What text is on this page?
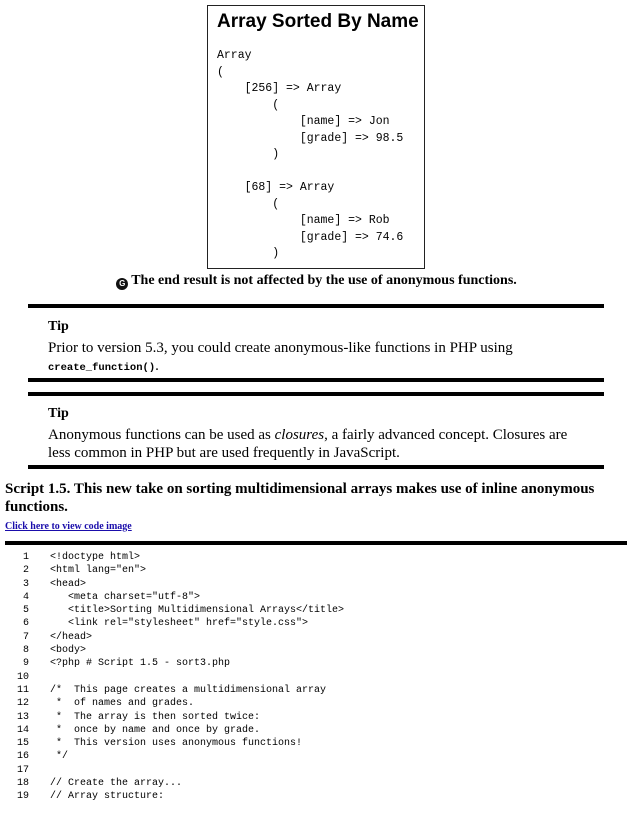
Array Sorted By Name
Array
(
[256] => Array
(
[name] => Jon
[grade] => 98.5
)
[68] => Array
(
[name] => Rob
[grade] => 74.6
)
G The end result is not affected by the use of anonymous functions.
Tip
Prior to version 5.3, you could create anonymous-like functions in PHP using
create_function().
Tip
Anonymous functions can be used as closures, a fairly advanced concept. Closures are less common in PHP but are used frequently in JavaScript.
Script 1.5. This new take on sorting multidimensional arrays makes use of inline anonymous functions.
Click here to view code image
1 <!doctype html>
2 <html lang="en">
3 <head>
4 <meta charset="utf-8">
5 <title>Sorting Multidimensional Arrays</title>
6 <link rel="stylesheet" href="style.css">
7 </head>
8 <body>
9 <?php # Script 1.5 - sort3.php
10
11 /*  This page creates a multidimensional array
12 *  of names and grades.
13 *  The array is then sorted twice:
14 *  once by name and once by grade.
15 *  This version uses anonymous functions!
16 */
17
18 // Create the array...
19 // Array structure:
